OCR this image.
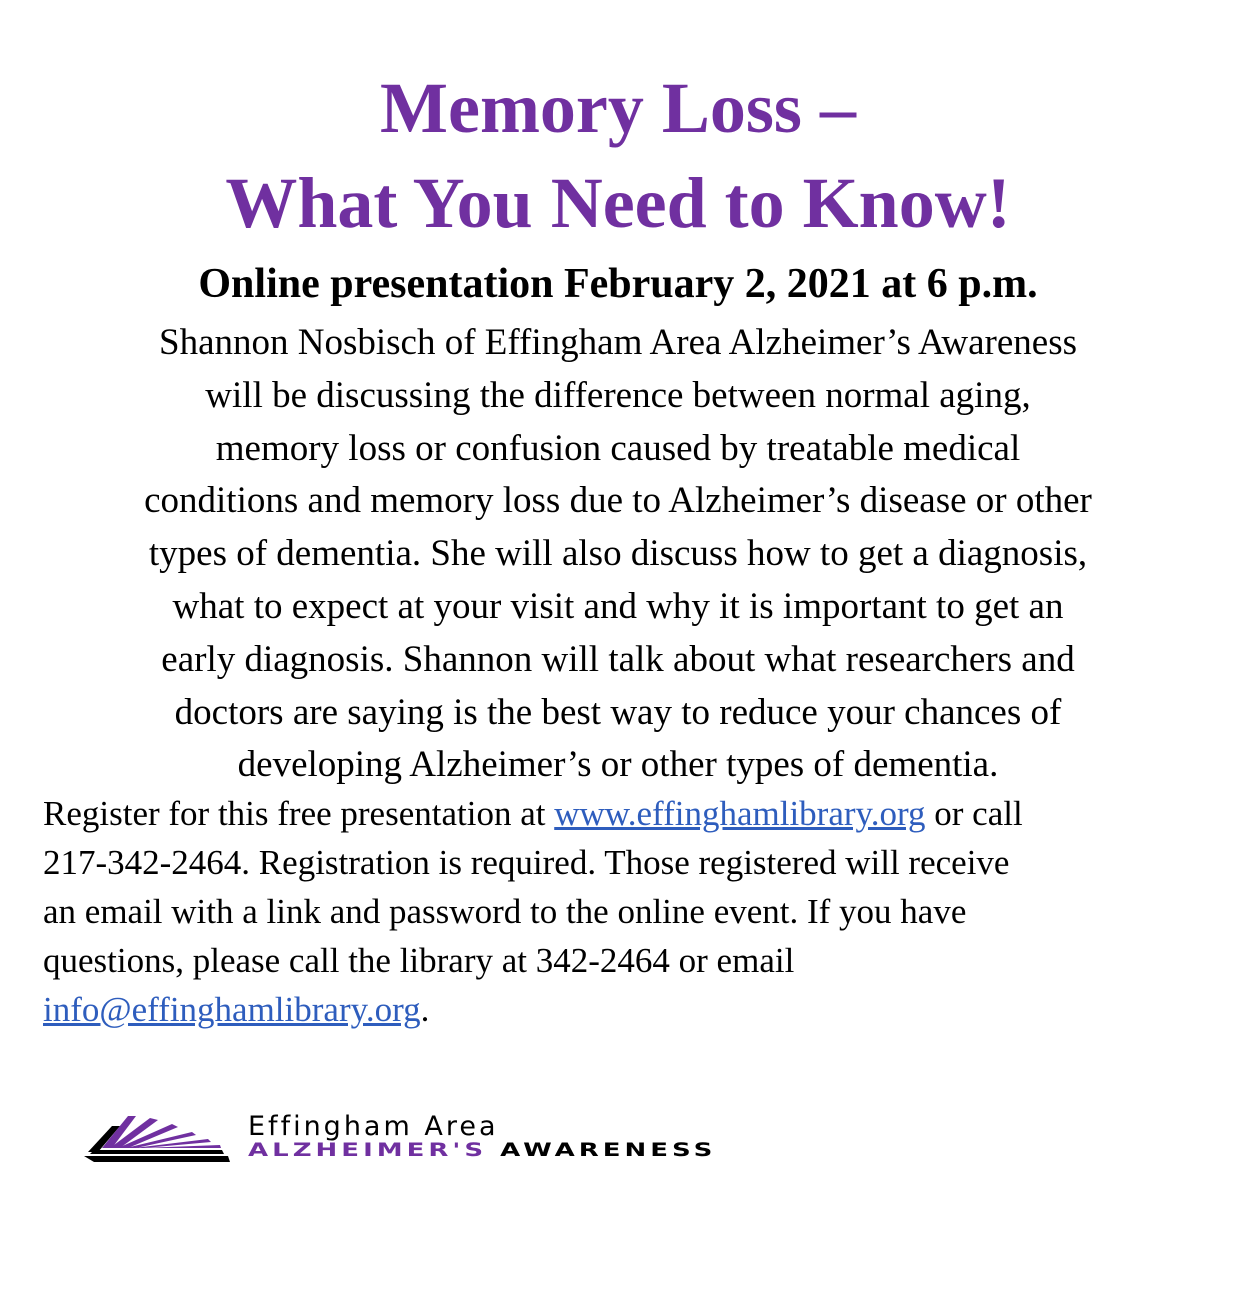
Memory Loss –
What You Need to Know!
Online presentation February 2, 2021 at 6 p.m.
Shannon Nosbisch of Effingham Area Alzheimer’s Awareness
will be discussing the difference between normal aging,
memory loss or confusion caused by treatable medical
conditions and memory loss due to Alzheimer’s disease or other
types of dementia. She will also discuss how to get a diagnosis,
what to expect at your visit and why it is important to get an
early diagnosis. Shannon will talk about what researchers and
doctors are saying is the best way to reduce your chances of
developing Alzheimer’s or other types of dementia.
Register for this free presentation at www.effinghamlibrary.org or call
217-342-2464. Registration is required. Those registered will receive
an email with a link and password to the online event. If you have
questions, please call the library at 342-2464 or email
info@effinghamlibrary.org.
Effingham Area
ALZHEIMER'S AWARENESS
